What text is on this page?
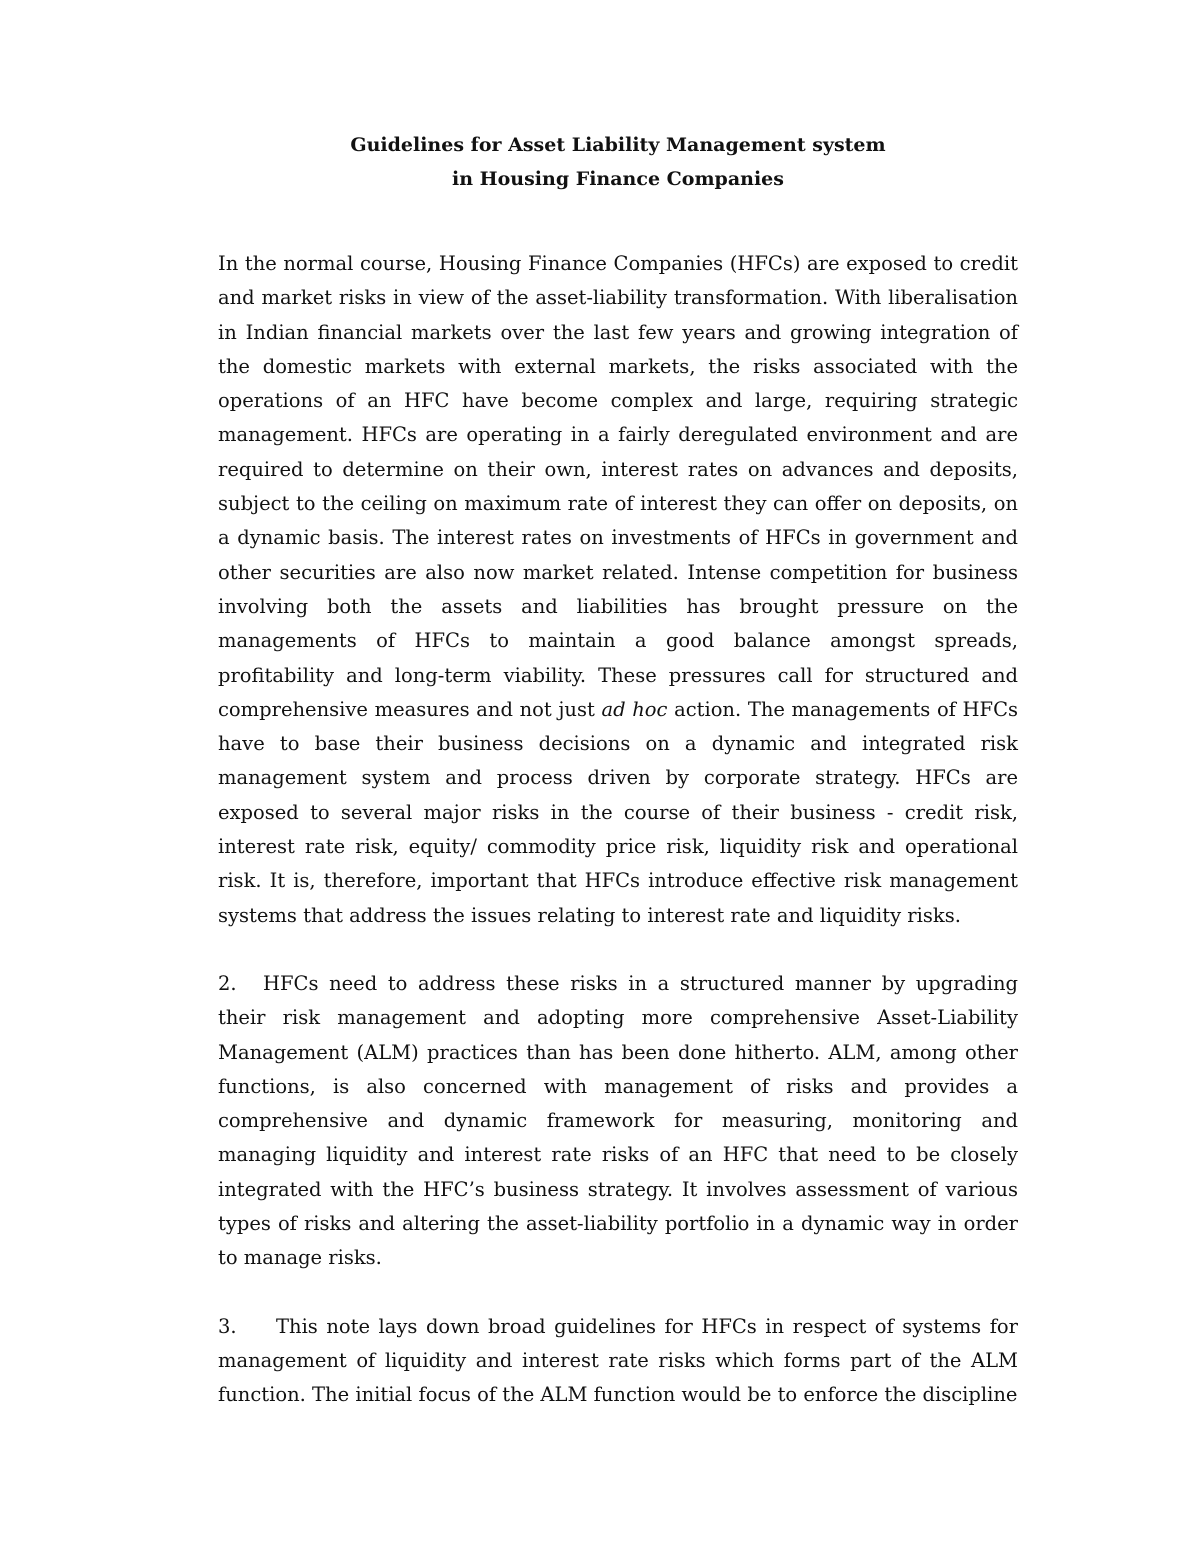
Guidelines for Asset Liability Management system
in Housing Finance Companies

In the normal course, Housing Finance Companies (HFCs) are exposed to credit and market risks in view of the asset-liability transformation. With liberalisation in Indian financial markets over the last few years and growing integration of the domestic markets with external markets, the risks associated with the operations of an HFC have become complex and large, requiring strategic management. HFCs are operating in a fairly deregulated environment and are required to determine on their own, interest rates on advances and deposits, subject to the ceiling on maximum rate of interest they can offer on deposits, on a dynamic basis. The interest rates on investments of HFCs in government and other securities are also now market related. Intense competition for business involving both the assets and liabilities has brought pressure on the managements of HFCs to maintain a good balance amongst spreads, profitability and long-term viability. These pressures call for structured and comprehensive measures and not just ad hoc action. The managements of HFCs have to base their business decisions on a dynamic and integrated risk management system and process driven by corporate strategy. HFCs are exposed to several major risks in the course of their business - credit risk, interest rate risk, equity/ commodity price risk, liquidity risk and operational risk. It is, therefore, important that HFCs introduce effective risk management systems that address the issues relating to interest rate and liquidity risks.

2. HFCs need to address these risks in a structured manner by upgrading their risk management and adopting more comprehensive Asset-Liability Management (ALM) practices than has been done hitherto. ALM, among other functions, is also concerned with management of risks and provides a comprehensive and dynamic framework for measuring, monitoring and managing liquidity and interest rate risks of an HFC that need to be closely integrated with the HFC’s business strategy. It involves assessment of various types of risks and altering the asset-liability portfolio in a dynamic way in order to manage risks.

3. This note lays down broad guidelines for HFCs in respect of systems for management of liquidity and interest rate risks which forms part of the ALM function. The initial focus of the ALM function would be to enforce the discipline
